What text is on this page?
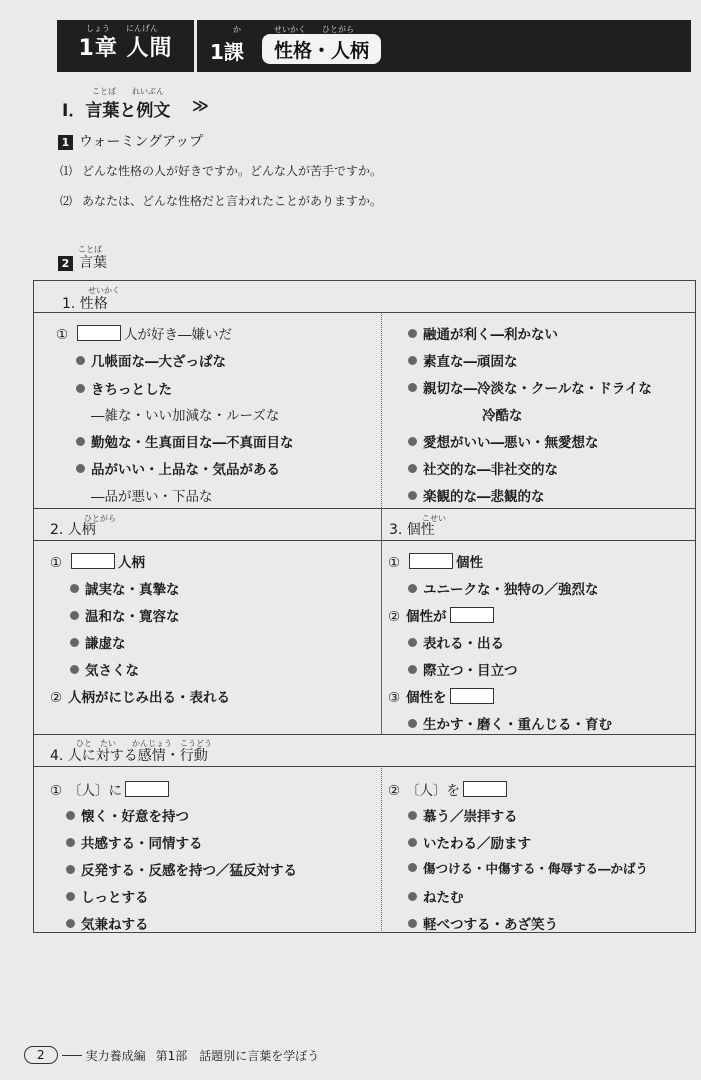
1章 人間
しょう　　にんげん
1課
か
性格・人柄
せいかく　　ひとがら
ことば　　れいぶん
Ⅰ．言葉と例文 ≫
1 ウォーミングアップ
⑴ どんな性格の人が好きですか。どんな人が苦手ですか。
⑵ あなたは、どんな性格だと言われたことがありますか。
ことば
2 言葉
せいかく
1. 性格
①	人が好き―嫌いだ
几帳面な―大ざっぱな
きちっとした
―雑な・いい加減な・ルーズな
勤勉な・生真面目な―不真面目な
品がいい・上品な・気品がある
―品が悪い・下品な
融通が利く―利かない
素直な―頑固な
親切な―冷淡な・クールな・ドライな
冷酷な
愛想がいい―悪い・無愛想な
社交的な―非社交的な
楽観的な―悲観的な
ひとがら
2. 人柄
①	人柄
誠実な・真摯な
温和な・寛容な
謙虚な
気さくな
② 人柄がにじみ出る・表れる
こせい
3. 個性
①	個性
ユニークな・独特の／強烈な
② 個性が
表れる・出る
際立つ・目立つ
③ 個性を
生かす・磨く・重んじる・育む
ひと　たい　　かんじょう　こうどう
4. 人に対する感情・行動
① 〔人〕に
懐く・好意を持つ
共感する・同情する
反発する・反感を持つ／猛反対する
しっとする
気兼ねする
② 〔人〕を
慕う／崇拝する
いたわる／励ます
傷つける・中傷する・侮辱する―かばう
ねたむ
軽べつする・あざ笑う
2	実力養成編 第1部 話題別に言葉を学ぼう
